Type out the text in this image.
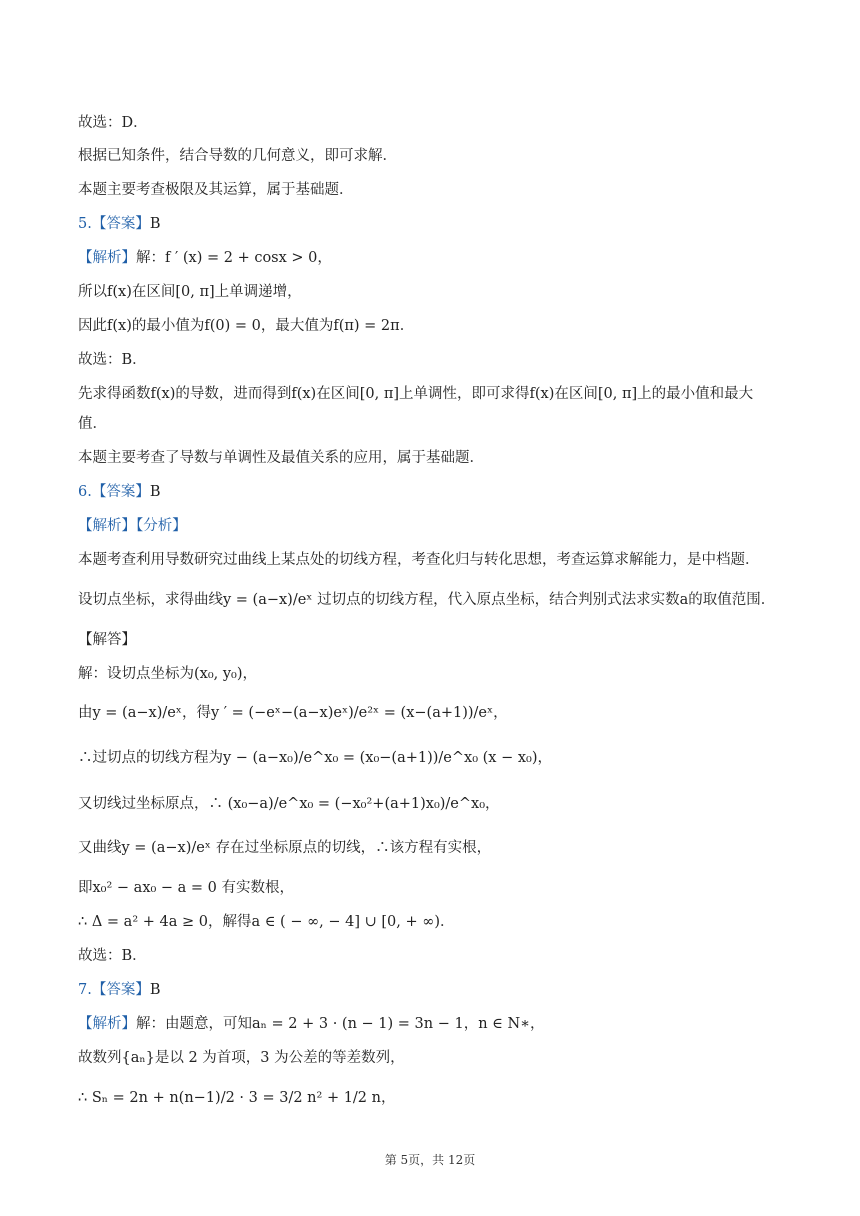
故选：D．
根据已知条件，结合导数的几何意义，即可求解．
本题主要考查极限及其运算，属于基础题．
5.【答案】B
【解析】解：f ′ (x) = 2 + cosx > 0，
所以f(x)在区间[0, π]上单调递增，
因此f(x)的最小值为f(0) = 0，最大值为f(π) = 2π．
故选：B．
先求得函数f(x)的导数，进而得到f(x)在区间[0, π]上单调性，即可求得f(x)在区间[0, π]上的最小值和最大
值．
本题主要考查了导数与单调性及最值关系的应用，属于基础题．
6.【答案】B
【解析】【分析】
本题考查利用导数研究过曲线上某点处的切线方程，考查化归与转化思想，考查运算求解能力，是中档题．
设切点坐标，求得曲线y = (a−x)/eˣ 过切点的切线方程，代入原点坐标，结合判别式法求实数a的取值范围．
【解答】
解：设切点坐标为(x₀, y₀)，
由y = (a−x)/eˣ，得y ′ = (−eˣ−(a−x)eˣ)/e²ˣ = (x−(a+1))/eˣ，
∴过切点的切线方程为y − (a−x₀)/e^x₀ = (x₀−(a+1))/e^x₀ (x − x₀)，
又切线过坐标原点，∴ (x₀−a)/e^x₀ = (−x₀²+(a+1)x₀)/e^x₀，
又曲线y = (a−x)/eˣ 存在过坐标原点的切线，∴该方程有实根，
即x₀² − ax₀ − a = 0 有实数根，
∴ Δ = a² + 4a ≥ 0，解得a ∈ ( − ∞, − 4] ∪ [0, + ∞)．
故选：B．
7.【答案】B
【解析】解：由题意，可知aₙ = 2 + 3 · (n − 1) = 3n − 1，n ∈ N∗，
故数列{aₙ}是以 2 为首项，3 为公差的等差数列，
∴ Sₙ = 2n + n(n−1)/2 · 3 = 3/2 n² + 1/2 n，
第 5页，共 12页
